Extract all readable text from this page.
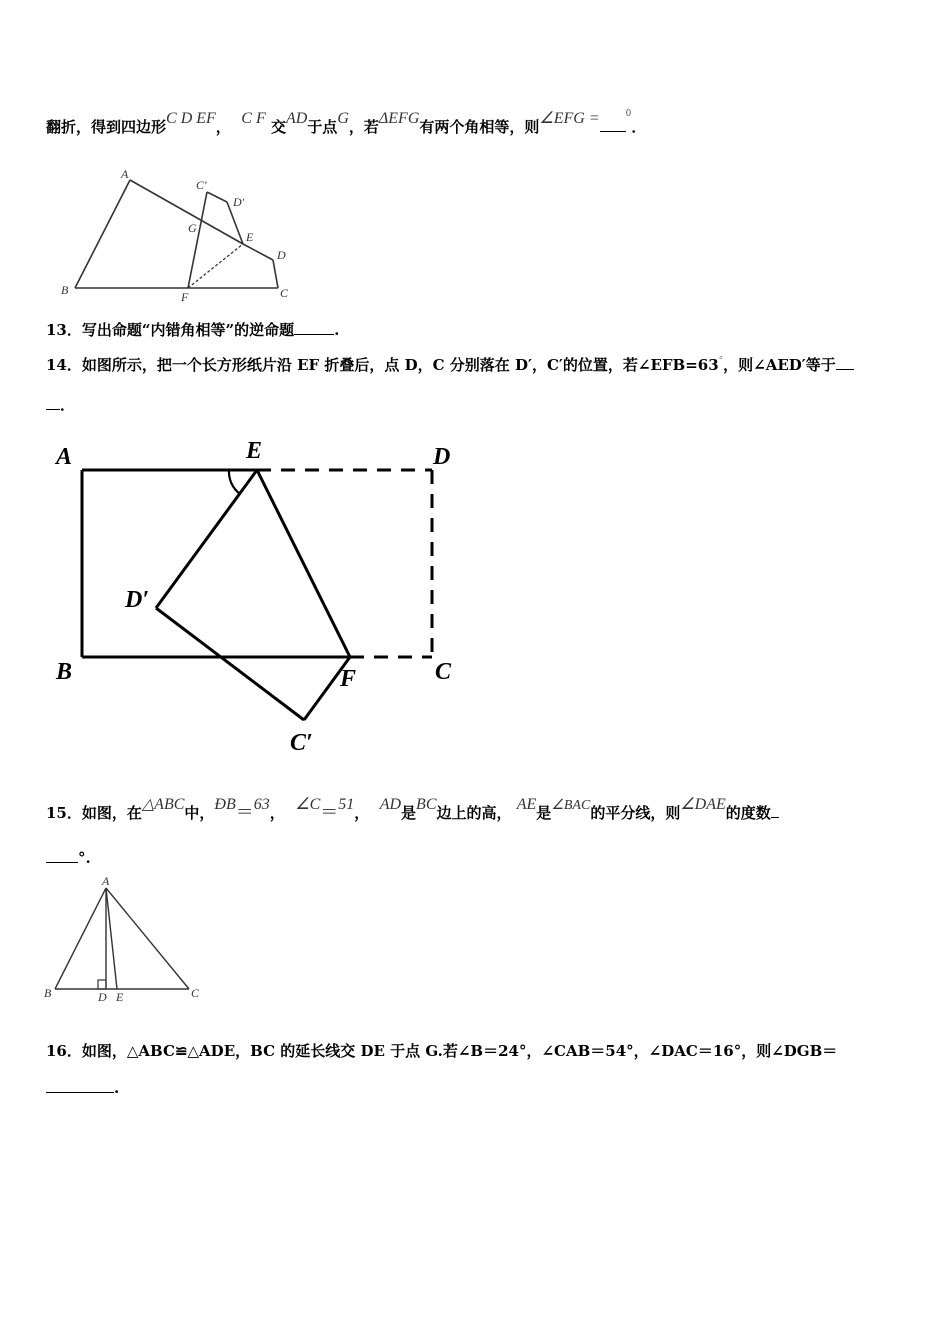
翻折，得到四边形C D EF， C F 交AD于点G，若ΔEFG有两个角相等，则∠EFG =	$^0$．
A
B	C
D
E
F
G
C'
D'
13．写出命题“内错角相等”的逆命题	.
14．如图所示，把一个长方形纸片沿 EF 折叠后，点 D，C 分别落在 D′，C′的位置，若∠EFB=63°，则∠AED′等于
．
A	E	D
D′
B	F	C
C′
15．如图，在△ABC中，ÐB＝63， ∠C＝51， AD是BC边上的高， AE是∠BAC的平分线，则∠DAE的度数
°.
A
B	C
D E
16．如图，△ABC≌△ADE，BC 的延长线交 DE 于点 G.若∠B＝24°，∠CAB＝54°，∠DAC＝16°，则∠DGB＝
.
